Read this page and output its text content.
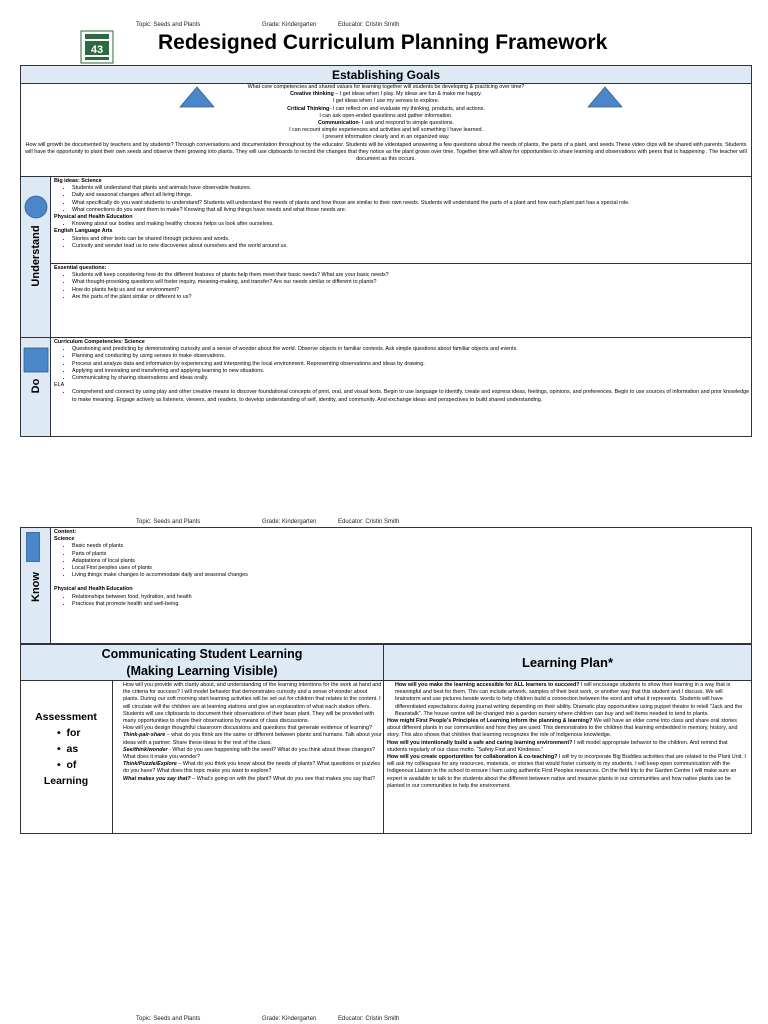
Topic: Seeds and Plants	Grade: Kindergarten	Educator: Cristin Smith
43	Redesigned Curriculum Planning Framework
Establishing Goals
What core competencies and shared values for learning together will students be developing & practicing over time?
Creative thinking – I get ideas when I play. My ideas are fun & make me happy.
I get ideas when I use my senses to explore.
Critical Thinking- I can reflect on and evaluate my thinking, products, and actions.
I can ask open-ended questions and gather information.
Communication- I ask and respond to simple questions.
I can recount simple experiences and activities and tell something I have learned.
I present information clearly and in an organized way.
How will growth be documented by teachers and by students? Through conversations and documentation throughout by the educator. Students will be videotaped answering a few questions about the needs of plants, the parts of a plant, and seeds.These video clips will be shared with parents. Students will have the opportunity to plant their own seeds and observe them growing into plants. They will use clipboards to record the changes that they notice as the plant grows over time. Together time will allow for opportunities to share learning and observations with peers that is happening . The teacher will document as this occurs.
Understand
Big ideas: Science
• Students will understand that plants and animals have observable features.
• Daily and seasonal changes affect all living things.
• What specifically do you want students to understand? Students will understand the needs of plants and how those are similar to their own needs. Students will understand the parts of a plant and how each plant part has a special role.
• What connections do you want them to make? Knowing that all living things have needs and what those needs are.
Physical and Health Education
• Knowing about our bodies and making healthy choices helps us look after ourselves.
English Language Arts
• Stories and other texts can be shared through pictures and words.
• Curiosity and wonder lead us to new discoveries about ourselves and the world around us.
Essential questions:
• Students will keep considering how do the different features of plants help them meet their basic needs? What are your basic needs?
• What thought-provoking questions will foster inquiry, meaning-making, and transfer? Are our needs similar or different to plants?
• How do plants help us and our environment?
• Are the parts of the plant similar or different to us?
Do
Curriculum Competencies: Science
• Questioning and predicting by demonstrating curiosity and a sense of wonder about the world. Observe objects in familiar contexts. Ask simple questions about familiar objects and events.
• Planning and conducting by using senses to make observations.
• Process and analyze data and information by experiencing and interpreting the local environment. Representing observations and ideas by drawing.
• Applying and innovating and transferring and applying learning to new situations.
• Communicating by sharing observations and ideas orally.
ELA
• Comprehend and connect by using play and other creative means to discover foundational concepts of print, oral, and visual texts. Begin to use language to identify, create and express ideas, feelings, opinions, and preferences. Begin to use sources of information and prior knowledge to make meaning. Engage actively as listeners, viewers, and readers, to develop understanding of self, identity, and community. And exchange ideas and perspectives to build shared understanding.
Topic: Seeds and Plants	Grade: Kindergarten	Educator: Cristin Smith
Know
Content:
Science
• Basic needs of plants
• Parts of plants
• Adaptations of local plants
• Local First peoples uses of plants
• Living things make changes to accommodate daily and seasonal changes
Physical and Health Education
• Relationships between food, hydration, and health
• Practices that promote health and well-being
Communicating Student Learning
(Making Learning Visible)
Assessment
•  for
•  as
•  of
Learning
• How will you provide with clarity about, and understanding of the learning intentions for the work at hand and the criteria for success? I will model behavior that demonstrates curiosity and a sense of wonder about plants. During our soft morning start learning activities will be set out for children that relates to the content. I will circulate will the children are at learning stations and give an explanation of what each station offers.
• Students will use clipboards to document their observations of their bean plant. They will be provided with many opportunities to share their observations by means of class discussions.
• How will you design thoughtful classroom discussions and questions that generate evidence of learning? Think-pair-share – what do you think are the same or different between plants and humans. Talk about your ideas with a partner. Share these ideas to the rest of the class.
See/think/wonder - What do you see happening with the seed? What do you think about these changes? What does it make you wonder?
Think/Puzzle/Explore – What do you think you know about the needs of plants? What questions or puzzles do you have? What does this topic make you want to explore?
What makes you say that? – What’s going on with the plant? What do you see that makes you say that?
Learning Plan*
• How will you make the learning accessible for ALL learners to succeed? I will encourage students to show their learning in a way that is meaningful and best for them. This can include artwork, samples of their best work, or another way that this student and I discuss. We will brainstorm and use pictures beside words to help children build a connection between the word and what it represents. Students will have differentiated expectations during journal writing depending on their ability. Dramatic play opportunities using puppet theatre to retell "Jack and the Beanstalk". The house centre will be changed into a garden nursery where children can buy and sell items needed to tend to plants.
How might First People’s Principles of Learning inform the planning & learning? We will have an elder come into class and share oral stories about different plants in our communities and how they are used. This demonstrates to the children that learning embedded in memory, history, and story. This also shows that children that learning recognizes the role of Indigenous knowledge.
How will you intentionally build a safe and caring learning environment? I will model appropriate behavior to the children. And remind that students regularly of our class motto. “Safety First and Kindness.”
How will you create opportunities for collaboration & co-teaching? I will try to incorporate Big Buddies activities that are related to the Plant Unit. I will ask my colleagues for any resources, materials, or stories that would foster curiosity in my students. I will keep open communication with the Indigenous Liaison in the school to ensure I ham using authentic First Peoples resources. On the field trip to the Garden Centre I will make sure an expert is available to talk to the students about the different between native and invasive plants in our communities and how native plants can be planted in our communities to help the environment.
Topic: Seeds and Plants	Grade: Kindergarten	Educator: Cristin Smith
